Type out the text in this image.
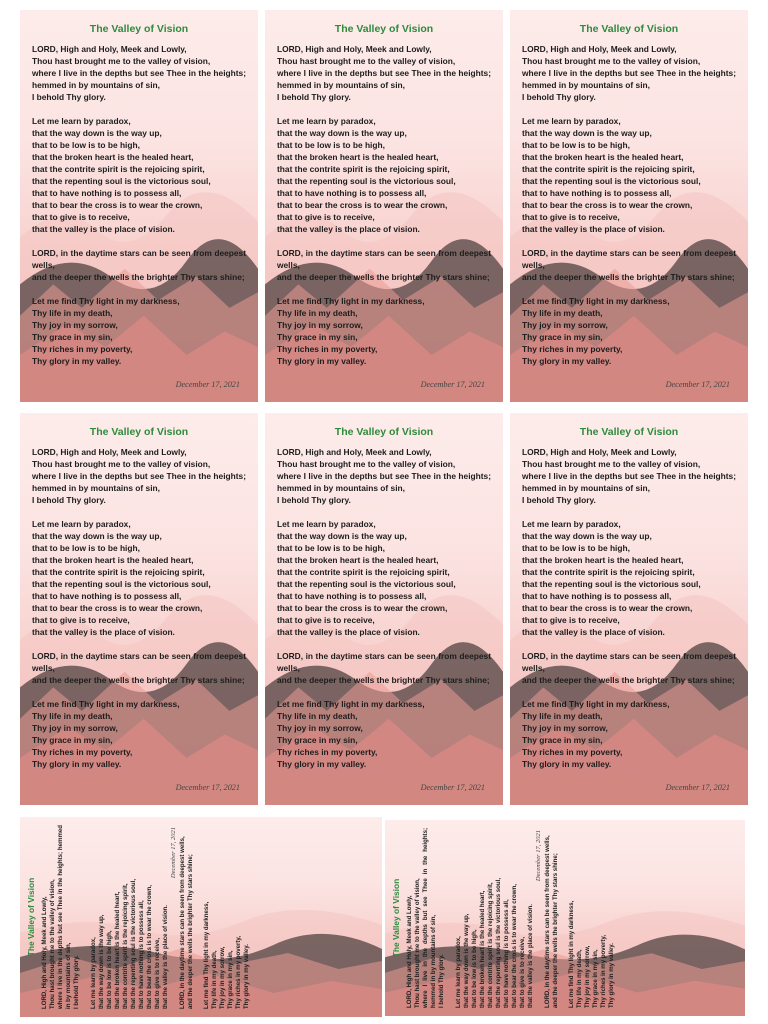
The Valley of Vision
LORD, High and Holy, Meek and Lowly,
Thou hast brought me to the valley of vision,
where I live in the depths but see Thee in the heights; hemmed in by mountains of sin,
I behold Thy glory.
Let me learn by paradox,
that the way down is the way up,
that to be low is to be high,
that the broken heart is the healed heart,
that the contrite spirit is the rejoicing spirit,
that the repenting soul is the victorious soul,
that to have nothing is to possess all,
that to bear the cross is to wear the crown,
that to give is to receive,
that the valley is the place of vision.
LORD, in the daytime stars can be seen from deepest wells,
and the deeper the wells the brighter Thy stars shine;
Let me find Thy light in my darkness,
Thy life in my death,
Thy joy in my sorrow,
Thy grace in my sin,
Thy riches in my poverty,
Thy glory in my valley.
December 17, 2021
The Valley of Vision
LORD, High and Holy, Meek and Lowly,
Thou hast brought me to the valley of vision,
where I live in the depths but see Thee in the heights; hemmed in by mountains of sin,
I behold Thy glory.
Let me learn by paradox,
that the way down is the way up,
that to be low is to be high,
that the broken heart is the healed heart,
that the contrite spirit is the rejoicing spirit,
that the repenting soul is the victorious soul,
that to have nothing is to possess all,
that to bear the cross is to wear the crown,
that to give is to receive,
that the valley is the place of vision.
LORD, in the daytime stars can be seen from deepest wells,
and the deeper the wells the brighter Thy stars shine;
Let me find Thy light in my darkness,
Thy life in my death,
Thy joy in my sorrow,
Thy grace in my sin,
Thy riches in my poverty,
Thy glory in my valley.
December 17, 2021
The Valley of Vision
LORD, High and Holy, Meek and Lowly,
Thou hast brought me to the valley of vision,
where I live in the depths but see Thee in the heights; hemmed in by mountains of sin,
I behold Thy glory.
Let me learn by paradox,
that the way down is the way up,
that to be low is to be high,
that the broken heart is the healed heart,
that the contrite spirit is the rejoicing spirit,
that the repenting soul is the victorious soul,
that to have nothing is to possess all,
that to bear the cross is to wear the crown,
that to give is to receive,
that the valley is the place of vision.
LORD, in the daytime stars can be seen from deepest wells,
and the deeper the wells the brighter Thy stars shine;
Let me find Thy light in my darkness,
Thy life in my death,
Thy joy in my sorrow,
Thy grace in my sin,
Thy riches in my poverty,
Thy glory in my valley.
December 17, 2021
The Valley of Vision
LORD, High and Holy, Meek and Lowly,
Thou hast brought me to the valley of vision,
where I live in the depths but see Thee in the heights; hemmed in by mountains of sin,
I behold Thy glory.
Let me learn by paradox,
that the way down is the way up,
that to be low is to be high,
that the broken heart is the healed heart,
that the contrite spirit is the rejoicing spirit,
that the repenting soul is the victorious soul,
that to have nothing is to possess all,
that to bear the cross is to wear the crown,
that to give is to receive,
that the valley is the place of vision.
LORD, in the daytime stars can be seen from deepest wells,
and the deeper the wells the brighter Thy stars shine;
Let me find Thy light in my darkness,
Thy life in my death,
Thy joy in my sorrow,
Thy grace in my sin,
Thy riches in my poverty,
Thy glory in my valley.
December 17, 2021
The Valley of Vision
LORD, High and Holy, Meek and Lowly,
Thou hast brought me to the valley of vision,
where I live in the depths but see Thee in the heights; hemmed in by mountains of sin,
I behold Thy glory.
Let me learn by paradox,
that the way down is the way up,
that to be low is to be high,
that the broken heart is the healed heart,
that the contrite spirit is the rejoicing spirit,
that the repenting soul is the victorious soul,
that to have nothing is to possess all,
that to bear the cross is to wear the crown,
that to give is to receive,
that the valley is the place of vision.
LORD, in the daytime stars can be seen from deepest wells,
and the deeper the wells the brighter Thy stars shine;
Let me find Thy light in my darkness,
Thy life in my death,
Thy joy in my sorrow,
Thy grace in my sin,
Thy riches in my poverty,
Thy glory in my valley.
December 17, 2021
The Valley of Vision
LORD, High and Holy, Meek and Lowly,
Thou hast brought me to the valley of vision,
where I live in the depths but see Thee in the heights; hemmed in by mountains of sin,
I behold Thy glory.
Let me learn by paradox,
that the way down is the way up,
that to be low is to be high,
that the broken heart is the healed heart,
that the contrite spirit is the rejoicing spirit,
that the repenting soul is the victorious soul,
that to have nothing is to possess all,
that to bear the cross is to wear the crown,
that to give is to receive,
that the valley is the place of vision.
LORD, in the daytime stars can be seen from deepest wells,
and the deeper the wells the brighter Thy stars shine;
Let me find Thy light in my darkness,
Thy life in my death,
Thy joy in my sorrow,
Thy grace in my sin,
Thy riches in my poverty,
Thy glory in my valley.
December 17, 2021
The Valley of Vision LORD, High and Holy, Meek and Lowly, Thou hast brought me to the valley of vision, where I live in the depths but see Thee in the heights; hemmed in by mountains of sin, I behold Thy glory. Let me learn by paradox, that the way down is the way up, that to be low is to be high, that the broken heart is the healed heart, that the contrite spirit is the rejoicing spirit, that the repenting soul is the victorious soul, that to have nothing is to possess all, that to bear the cross is to wear the crown, that to give is to receive, that the valley is the place of vision. LORD, in the daytime stars can be seen from deepest wells, and the deeper the wells the brighter Thy stars shine; Let me find Thy light in my darkness, Thy life in my death, Thy joy in my sorrow, Thy grace in my sin, Thy riches in my poverty, Thy glory in my valley.
December 17, 2021
The Valley of Vision LORD, High and Holy, Meek and Lowly, Thou hast brought me to the valley of vision, where I live in the depths but see Thee in the heights; hemmed in by mountains of sin, I behold Thy glory. Let me learn by paradox, that the way down is the way up, that to be low is to be high, that the broken heart is the healed heart, that the contrite spirit is the rejoicing spirit, that the repenting soul is the victorious soul, that to have nothing is to possess all, that to bear the cross is to wear the crown, that to give is to receive, that the valley is the place of vision. LORD, in the daytime stars can be seen from deepest wells, and the deeper the wells the brighter Thy stars shine; Let me find Thy light in my darkness, Thy life in my death, Thy joy in my sorrow, Thy grace in my sin, Thy riches in my poverty, Thy glory in my valley.
December 17, 2021
